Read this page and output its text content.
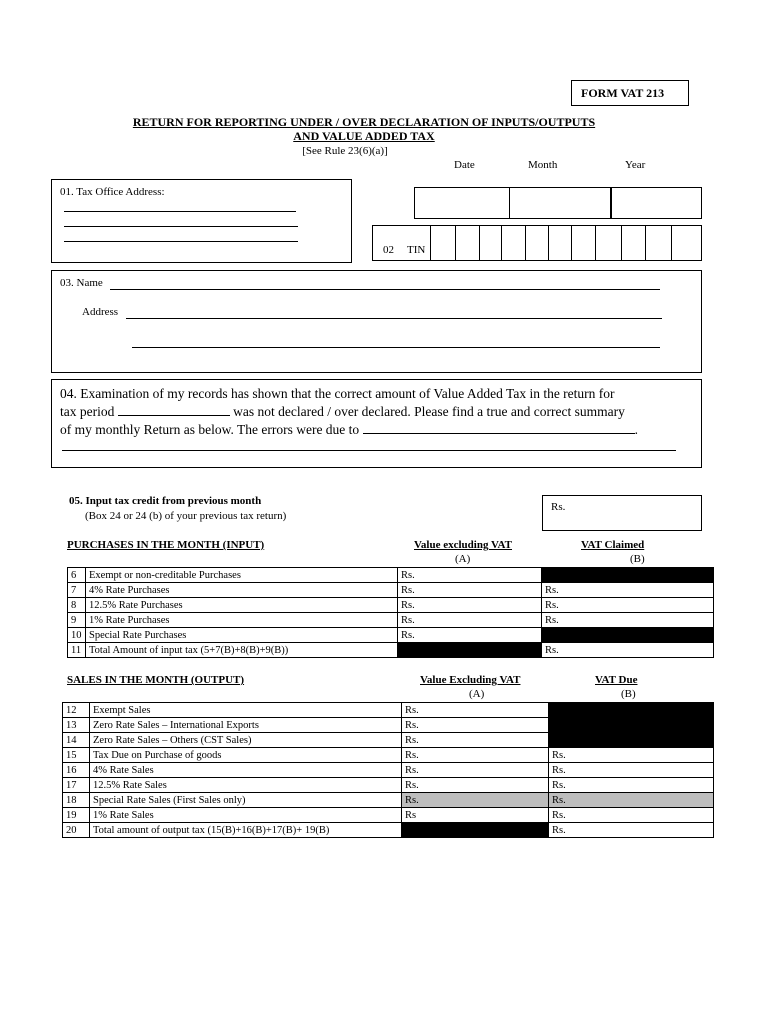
FORM VAT 213
RETURN FOR REPORTING UNDER / OVER DECLARATION OF INPUTS/OUTPUTS
AND VALUE ADDED TAX
[See Rule 23(6)(a)]
Date	Month	Year
01. Tax Office Address:
02 TIN
03. Name
Address
04. Examination of my records has shown that the correct amount of Value Added Tax in the return for
tax period	was not declared / over declared. Please find a true and correct summary
of my monthly Return as below. The errors were due to	.
05. Input tax credit from previous month
(Box 24 or 24 (b) of your previous tax return)
Rs.
PURCHASES IN THE MONTH (INPUT)	Value excluding VAT
(A)
VAT Claimed
(B)
6	Exempt or non-creditable Purchases	Rs.	
7	4% Rate Purchases	Rs.	Rs.
8	12.5% Rate Purchases	Rs.	Rs.
9	1% Rate Purchases	Rs.	Rs.
10	Special Rate Purchases	Rs.	
11	Total Amount of input tax (5+7(B)+8(B)+9(B))		Rs.
SALES IN THE MONTH (OUTPUT)	Value Excluding VAT
(A)
VAT Due
(B)
12	Exempt Sales	Rs.	
13	Zero Rate Sales – International Exports	Rs.	
14	Zero Rate Sales – Others (CST Sales)	Rs.	
15	Tax Due on Purchase of goods	Rs.	Rs.
16	4% Rate Sales	Rs.	Rs.
17	12.5% Rate Sales	Rs.	Rs.
18	Special Rate Sales (First Sales only)	Rs.	Rs.
19	1% Rate Sales	Rs	Rs.
20	Total amount of output tax (15(B)+16(B)+17(B)+ 19(B)		Rs.
